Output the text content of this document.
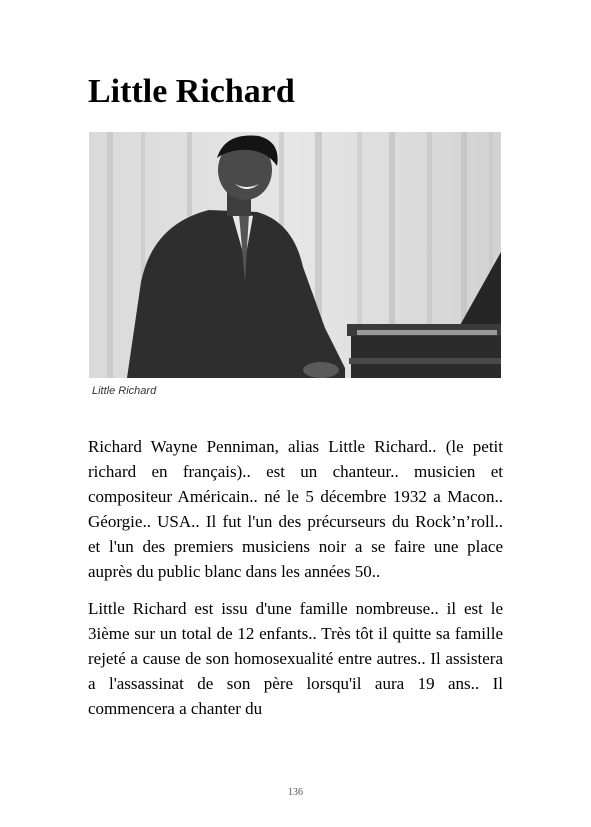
Little Richard
Little Richard

Richard Wayne Penniman, alias Little Richard.. (le petit richard en français).. est un chanteur.. musicien et compositeur Américain.. né le 5 décembre 1932 a Macon.. Géorgie.. USA.. Il fut l'un des précurseurs du Rock’n’roll.. et l'un des premiers musiciens noir a se faire une place auprès du public blanc dans les années 50..

Little Richard est issu d'une famille nombreuse.. il est le 3ième sur un total de 12 enfants.. Très tôt il quitte sa famille rejeté a cause de son homosexualité entre autres.. Il assistera a l'assassinat de son père lorsqu'il aura 19 ans.. Il commencera a chanter du

136
